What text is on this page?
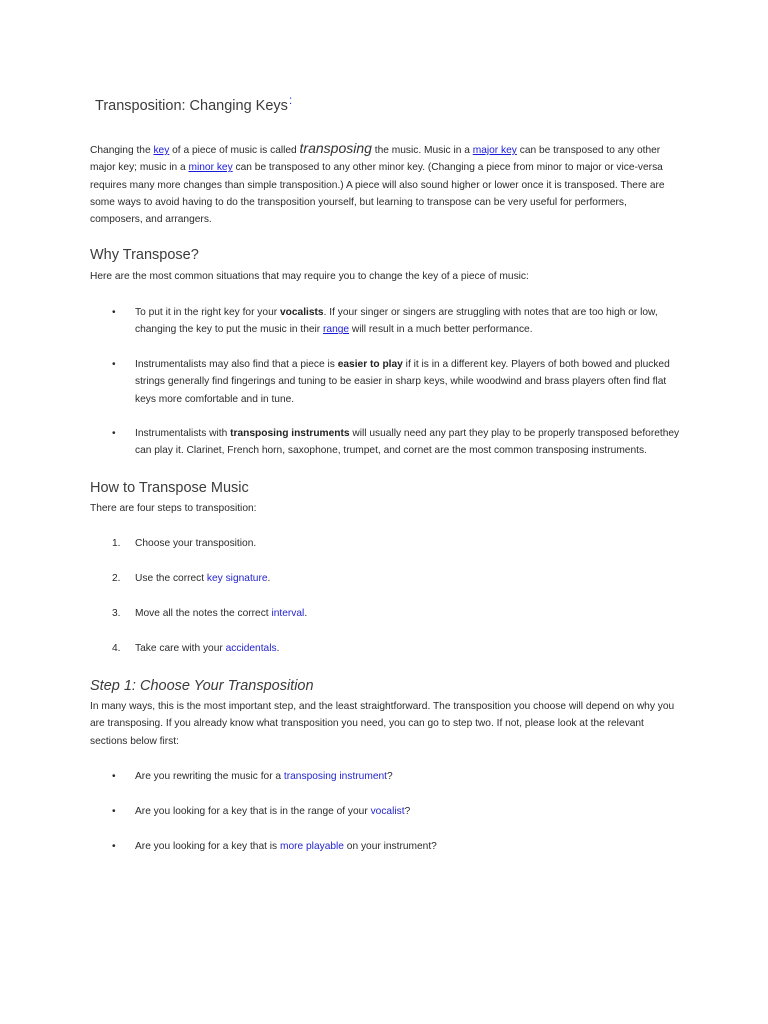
Transposition: Changing Keys:

Changing the key of a piece of music is called transposing the music. Music in a major key can be transposed to any other major key; music in a minor key can be transposed to any other minor key. (Changing a piece from minor to major or vice-versa requires many more changes than simple transposition.) A piece will also sound higher or lower once it is transposed. There are some ways to avoid having to do the transposition yourself, but learning to transpose can be very useful for performers, composers, and arrangers.

Why Transpose?

Here are the most common situations that may require you to change the key of a piece of music:

•	To put it in the right key for your vocalists. If your singer or singers are struggling with notes that are too high or low, changing the key to put the music in their range will result in a much better performance.
•	Instrumentalists may also ﬁnd that a piece is easier to play if it is in a different key. Players of both bowed and plucked strings generally ﬁnd ﬁngerings and tuning to be easier in sharp keys, while woodwind and brass players often ﬁnd ﬂat keys more comfortable and in tune.
•	Instrumentalists with transposing instruments will usually need any part they play to be properly transposed beforethey can play it. Clarinet, French horn, saxophone, trumpet, and cornet are the most common transposing instruments.
How to Transpose Music

There are four steps to transposition:

1. Choose your transposition.
2. Use the correct key signature.
3. Move all the notes the correct interval.
4. Take care with your accidentals.
Step 1: Choose Your Transposition

In many ways, this is the most important step, and the least straightforward. The transposition you choose will depend on why you are transposing. If you already know what transposition you need, you can go to step two. If not, please look at the relevant sections below ﬁrst:

•	Are you rewriting the music for a transposing instrument?
•	Are you looking for a key that is in the range of your vocalist?
•	Are you looking for a key that is more playable on your instrument?
